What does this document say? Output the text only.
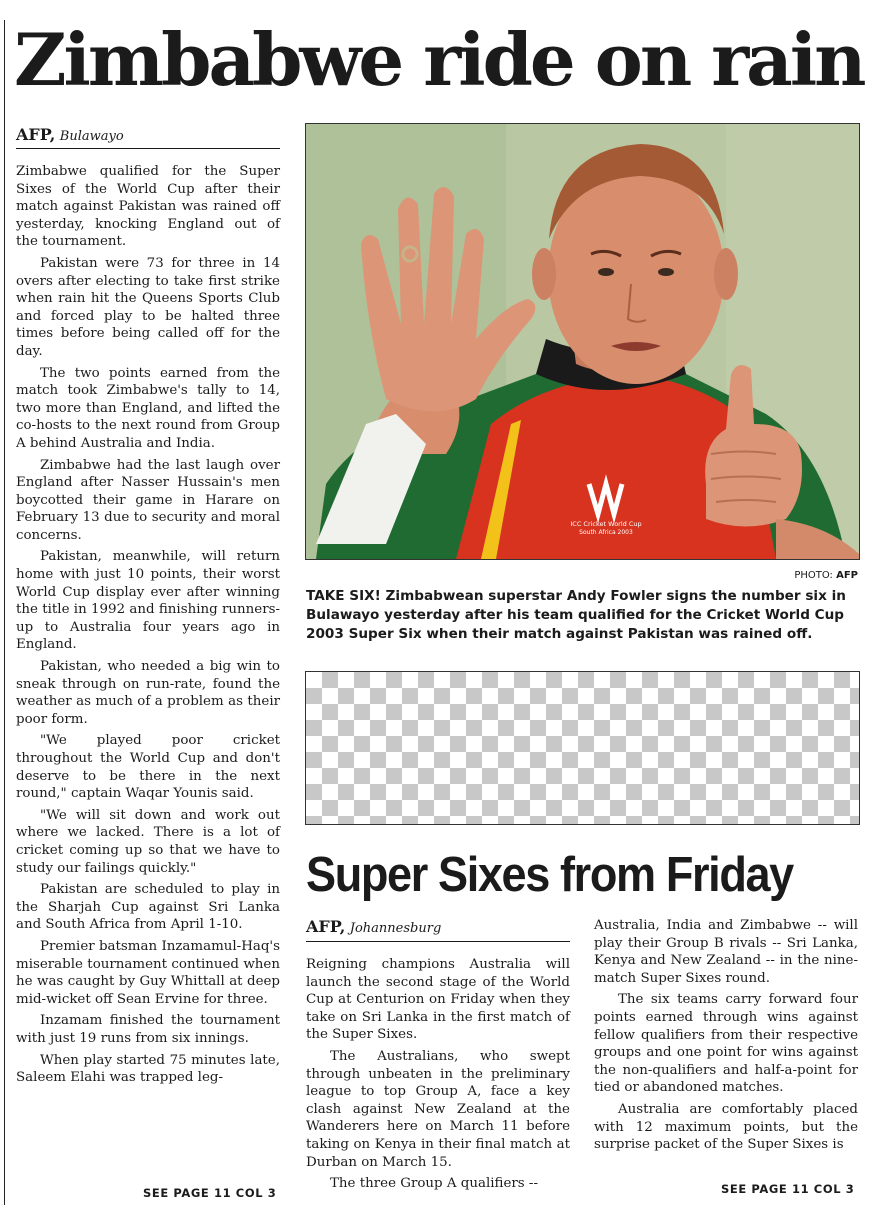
Zimbabwe ride on rain
AFP, Bulawayo

Zimbabwe qualified for the Super Sixes of the World Cup after their match against Pakistan was rained off yesterday, knocking England out of the tournament.

Pakistan were 73 for three in 14 overs after electing to take first strike when rain hit the Queens Sports Club and forced play to be halted three times before being called off for the day.

The two points earned from the match took Zimbabwe's tally to 14, two more than England, and lifted the co-hosts to the next round from Group A behind Australia and India.

Zimbabwe had the last laugh over England after Nasser Hussain's men boycotted their game in Harare on February 13 due to security and moral concerns.

Pakistan, meanwhile, will return home with just 10 points, their worst World Cup display ever after winning the title in 1992 and finishing runners-up to Australia four years ago in England.

Pakistan, who needed a big win to sneak through on run-rate, found the weather as much of a problem as their poor form.

"We played poor cricket throughout the World Cup and don't deserve to be there in the next round," captain Waqar Younis said.

"We will sit down and work out where we lacked. There is a lot of cricket coming up so that we have to study our failings quickly."

Pakistan are scheduled to play in the Sharjah Cup against Sri Lanka and South Africa from April 1-10.

Premier batsman Inzamamul-Haq's miserable tournament continued when he was caught by Guy Whittall at deep mid-wicket off Sean Ervine for three.

Inzamam finished the tournament with just 19 runs from six innings.

When play started 75 minutes late, Saleem Elahi was trapped leg-

SEE PAGE 11 COL 3
ICC Cricket World Cup
South Africa 2003
PHOTO: AFP

TAKE SIX! Zimbabwean superstar Andy Fowler signs the number six in Bulawayo yesterday after his team qualified for the Cricket World Cup 2003 Super Six when their match against Pakistan was rained off.

Super Sixes from Friday
AFP, Johannesburg

Reigning champions Australia will launch the second stage of the World Cup at Centurion on Friday when they take on Sri Lanka in the first match of the Super Sixes.

The Australians, who swept through unbeaten in the preliminary league to top Group A, face a key clash against New Zealand at the Wanderers here on March 11 before taking on Kenya in their final match at Durban on March 15.

The three Group A qualifiers --

Australia, India and Zimbabwe -- will play their Group B rivals -- Sri Lanka, Kenya and New Zealand -- in the nine-match Super Sixes round.

The six teams carry forward four points earned through wins against fellow qualifiers from their respective groups and one point for wins against the non-qualifiers and half-a-point for tied or abandoned matches.

Australia are comfortably placed with 12 maximum points, but the surprise packet of the Super Sixes is

SEE PAGE 11 COL 3
